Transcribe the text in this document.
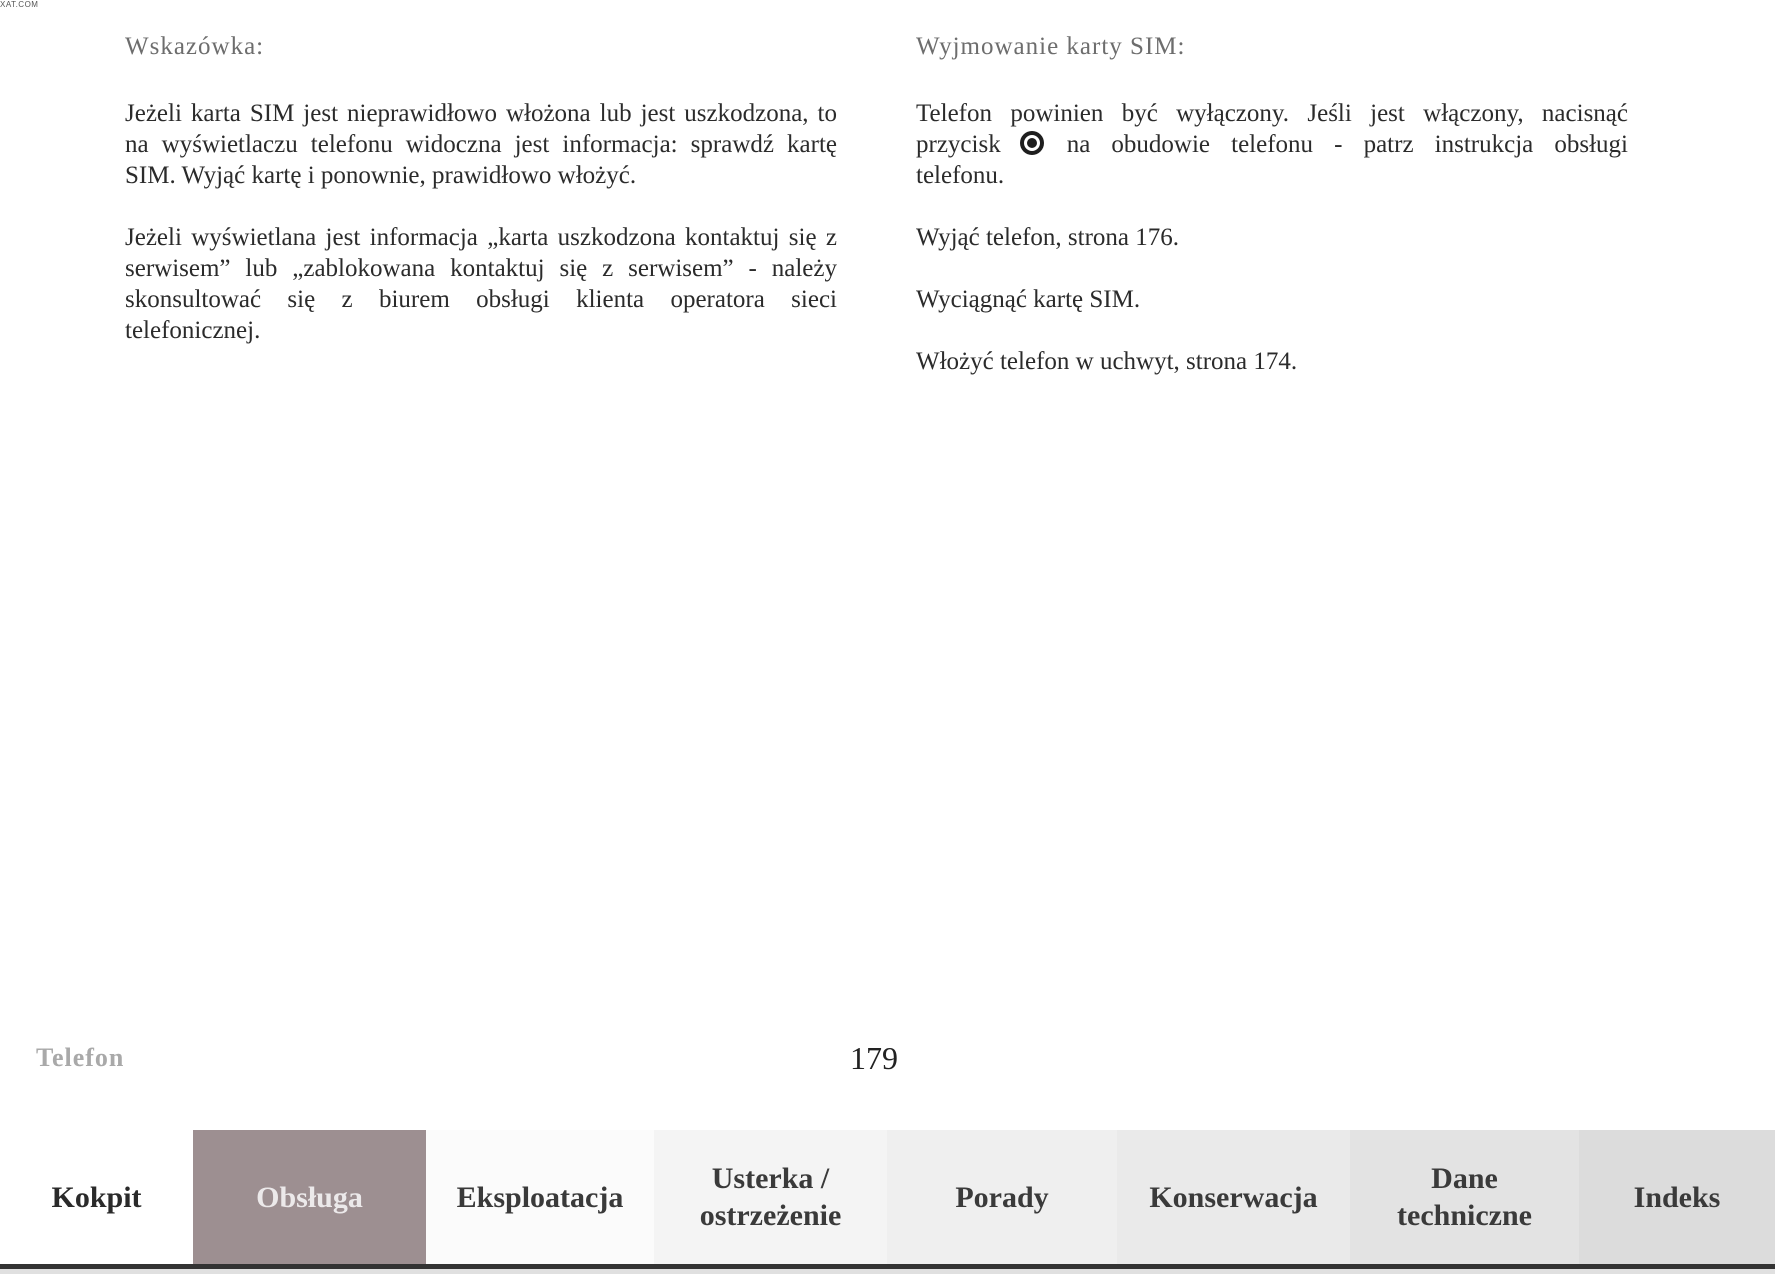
XAT.COM
Wskazówka:

Jeżeli karta SIM jest nieprawidłowo włożona lub jest uszkodzona, to na wyświetlaczu telefonu widoczna jest informacja: sprawdź kartę SIM. Wyjąć kartę i ponownie, prawidłowo włożyć.

Jeżeli wyświetlana jest informacja „karta uszkodzona kontaktuj się z serwisem” lub „zablokowana kontaktuj się z serwisem” - należy skonsultować się z biurem obsługi klienta operatora sieci telefonicznej.

Wyjmowanie karty SIM:

Telefon powinien być wyłączony. Jeśli jest włączony, nacisnąć przycisk	na obudowie telefonu - patrz instrukcja obsługi telefonu.

Wyjąć telefon, strona 176.

Wyciągnąć kartę SIM.

Włożyć telefon w uchwyt, strona 174.

Telefon	179
Kokpit	Obsługa	Eksploatacja
Usterka /
ostrzeżenie
Porady	Konserwacja
Dane
techniczne
Indeks
